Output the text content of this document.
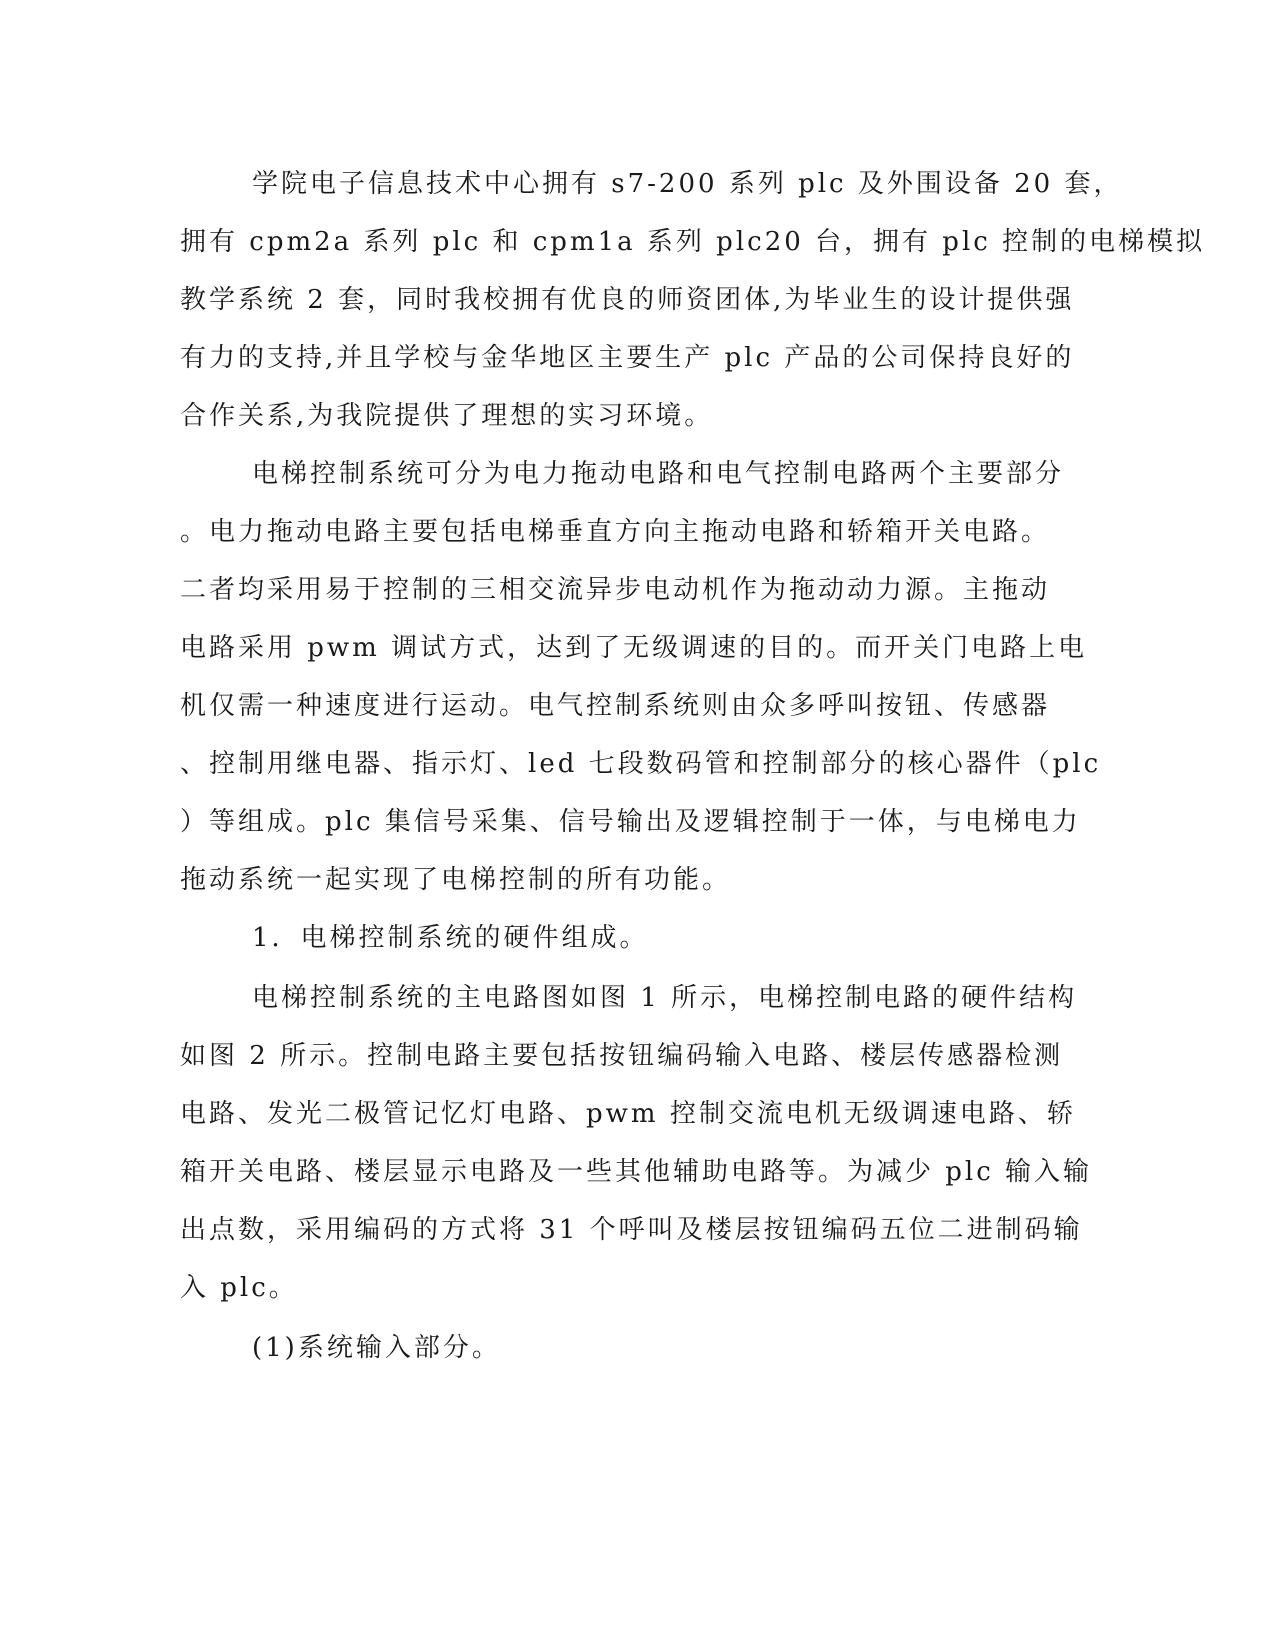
学院电子信息技术中心拥有 s7-200 系列 plc 及外围设备 20 套，
拥有 cpm2a 系列 plc 和 cpm1a 系列 plc20 台，拥有 plc 控制的电梯模拟
教学系统 2 套，同时我校拥有优良的师资团体,为毕业生的设计提供强
有力的支持,并且学校与金华地区主要生产 plc 产品的公司保持良好的
合作关系,为我院提供了理想的实习环境。
电梯控制系统可分为电力拖动电路和电气控制电路两个主要部分
。电力拖动电路主要包括电梯垂直方向主拖动电路和轿箱开关电路。
二者均采用易于控制的三相交流异步电动机作为拖动动力源。主拖动
电路采用 pwm 调试方式，达到了无级调速的目的。而开关门电路上电
机仅需一种速度进行运动。电气控制系统则由众多呼叫按钮、传感器
、控制用继电器、指示灯、led 七段数码管和控制部分的核心器件（plc
）等组成。plc 集信号采集、信号输出及逻辑控制于一体，与电梯电力
拖动系统一起实现了电梯控制的所有功能。
1．电梯控制系统的硬件组成。
电梯控制系统的主电路图如图 1 所示，电梯控制电路的硬件结构
如图 2 所示。控制电路主要包括按钮编码输入电路、楼层传感器检测
电路、发光二极管记忆灯电路、pwm 控制交流电机无级调速电路、轿
箱开关电路、楼层显示电路及一些其他辅助电路等。为减少 plc 输入输
出点数，采用编码的方式将 31 个呼叫及楼层按钮编码五位二进制码输
入 plc。
(1)系统输入部分。
